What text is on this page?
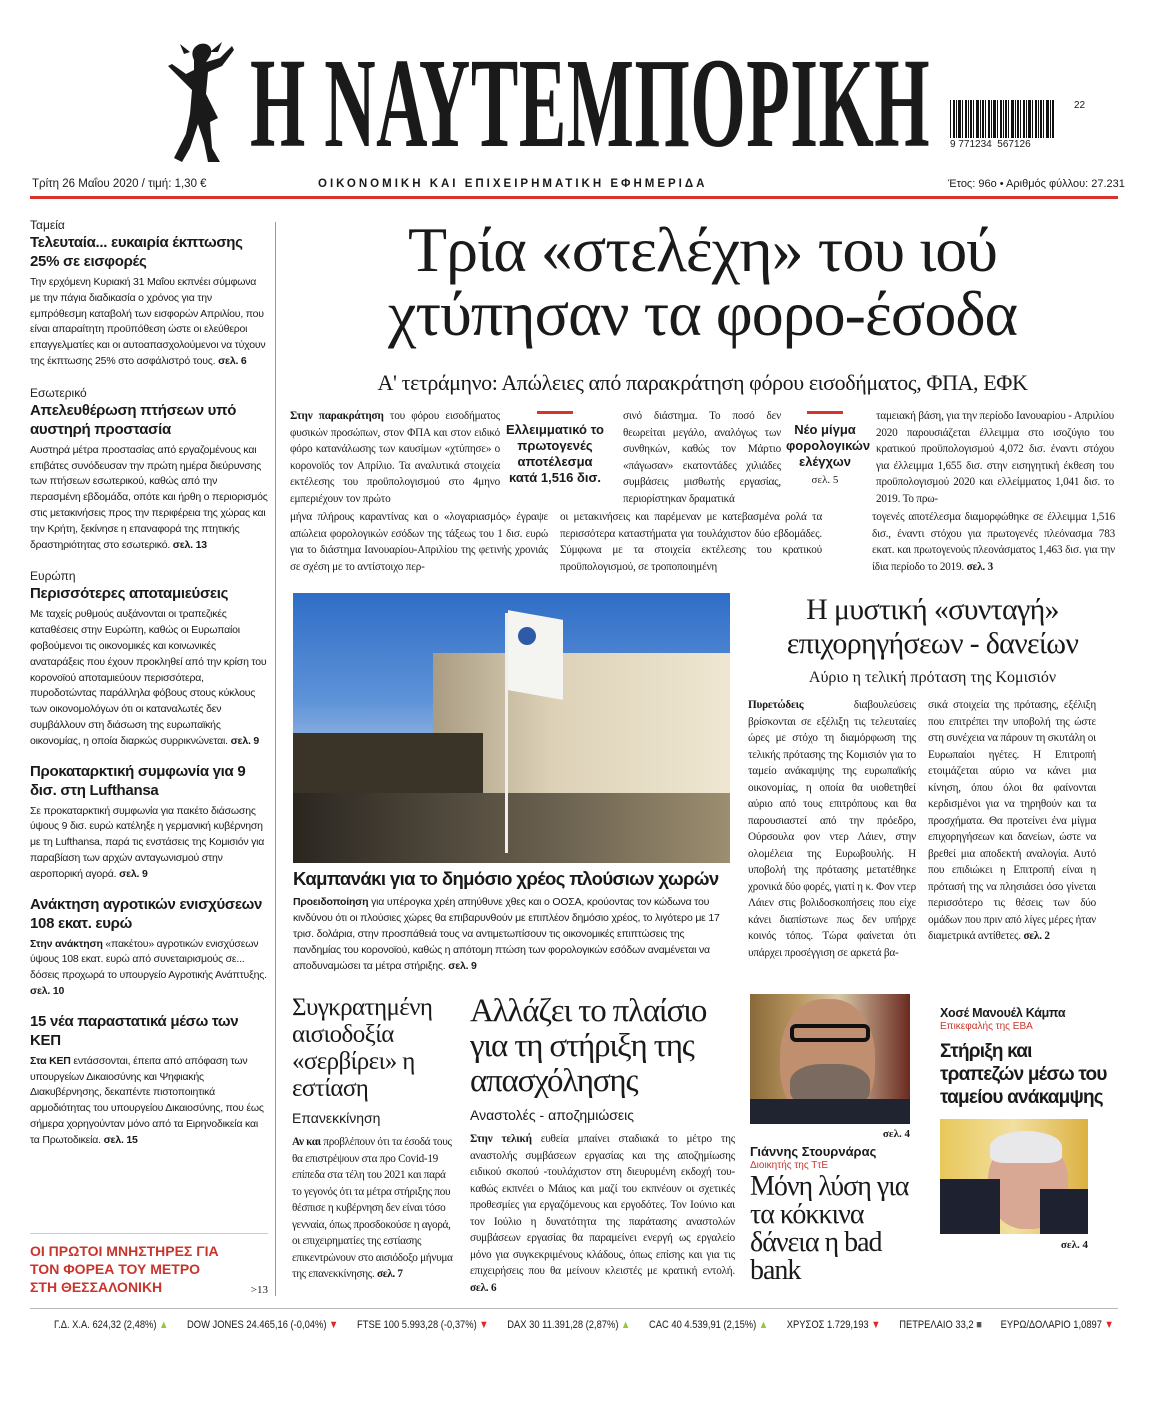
Η ΝΑΥΤΕΜΠΟΡΙΚΗ 9 771234 567126
22
Τρίτη 26 Μαΐου 2020 / τιμή: 1,30 €	ΟΙΚΟΝΟΜΙΚΗ ΚΑΙ ΕΠΙΧΕΙΡΗΜΑΤΙΚΗ ΕΦΗΜΕΡΙΔΑ	Έτος: 96ο • Αριθμός φύλλου: 27.231
Ταμεία
Τελευταία... ευκαιρία έκπτωσης 25% σε εισφορές
Την ερχόμενη Κυριακή 31 Μαΐου εκπνέει σύμφωνα με την πάγια διαδικασία ο χρόνος για την εμπρόθεσμη καταβολή των εισφορών Απριλίου, που είναι απαραίτητη προϋπόθεση ώστε οι ελεύθεροι επαγγελματίες και οι αυτοαπασχολούμενοι να τύχουν της έκπτωσης 25% στο ασφάλιστρό τους. σελ. 6
Εσωτερικό
Απελευθέρωση πτήσεων υπό αυστηρή προστασία
Αυστηρά μέτρα προστασίας από εργαζομένους και επιβάτες συνόδευσαν την πρώτη ημέρα διεύρυνσης των πτήσεων εσωτερικού, καθώς από την περασμένη εβδομάδα, οπότε και ήρθη ο περιορισμός στις μετακινήσεις προς την περιφέρεια της χώρας και την Κρήτη, ξεκίνησε η επαναφορά της πτητικής δραστηριότητας στο εσωτερικό. σελ. 13
Ευρώπη
Περισσότερες αποταμιεύσεις
Με ταχείς ρυθμούς αυξάνονται οι τραπεζικές καταθέσεις στην Ευρώπη, καθώς οι Ευρωπαίοι φοβούμενοι τις οικονομικές και κοινωνικές αναταράξεις που έχουν προκληθεί από την κρίση του κορονοϊού αποταμιεύουν περισσότερα, πυροδοτώντας παράλληλα φόβους στους κύκλους των οικονομολόγων ότι οι καταναλωτές δεν συμβάλλουν στη διάσωση της ευρωπαϊκής οικονομίας, η οποία διαρκώς συρρικνώνεται. σελ. 9
Προκαταρκτική συμφωνία για 9 δισ. στη Lufthansa
Σε προκαταρκτική συμφωνία για πακέτο διάσωσης ύψους 9 δισ. ευρώ κατέληξε η γερμανική κυβέρνηση με τη Lufthansa, παρά τις ενστάσεις της Κομισιόν για παραβίαση των αρχών ανταγωνισμού στην αεροπορική αγορά. σελ. 9
Ανάκτηση αγροτικών ενισχύσεων 108 εκατ. ευρώ
Στην ανάκτηση «πακέτου» αγροτικών ενισχύσεων ύψους 108 εκατ. ευρώ από συνεταιρισμούς σε... δόσεις προχωρά το υπουργείο Αγροτικής Ανάπτυξης. σελ. 10
15 νέα παραστατικά μέσω των ΚΕΠ
Στα ΚΕΠ εντάσσονται, έπειτα από απόφαση των υπουργείων Δικαιοσύνης και Ψηφιακής Διακυβέρνησης, δεκαπέντε πιστοποιητικά αρμοδιότητας του υπουργείου Δικαιοσύνης, που έως σήμερα χορηγούνταν μόνο από τα Ειρηνοδικεία και τα Πρωτοδικεία. σελ. 15
ΟΙ ΠΡΩΤΟΙ ΜΝΗΣΤΗΡΕΣ ΓΙΑ ΤΟΝ ΦΟΡΕΑ ΤΟΥ ΜΕΤΡΟ ΣΤΗ ΘΕΣΣΑΛΟΝΙΚΗ	>13
Τρία «στελέχη» του ιού
χτύπησαν τα φορο-έσοδα
Α' τετράμηνο: Απώλειες από παρακράτηση φόρου εισοδήματος, ΦΠΑ, ΕΦΚ
Στην παρακράτηση του φόρου εισοδήματος φυσικών προσώπων, στον ΦΠΑ και στον ειδικό φόρο κατανάλωσης των καυσίμων «χτύπησε» ο κορονοϊός τον Απρίλιο. Τα αναλυτικά στοιχεία εκτέλεσης του προϋπολογισμού στο 4μηνο εμπεριέχουν τον πρώτο
Ελλειμματικό το πρωτογενές αποτέλεσμα κατά 1,516 δισ.
σινό διάστημα. Το ποσό δεν θεωρείται μεγάλο, αναλόγως των συνθηκών, καθώς τον Μάρτιο «πάγωσαν» εκατοντάδες χιλιάδες συμβάσεις μισθωτής εργασίας, περιορίστηκαν δραματικά
Νέο μίγμα φορολογικών ελέγχων
σελ. 5
ταμειακή βάση, για την περίοδο Ιανουαρίου - Απριλίου 2020 παρουσιάζεται έλλειμμα στο ισοζύγιο του κρατικού προϋπολογισμού 4,072 δισ. έναντι στόχου για έλλειμμα 1,655 δισ. στην εισηγητική έκθεση του προϋπολογισμού 2020 και ελλείμματος 1,041 δισ. το 2019. Το πρω-
μήνα πλήρους καραντίνας και ο «λογαριασμός» έγραψε απώλεια φορολογικών εσόδων της τάξεως του 1 δισ. ευρώ για το διάστημα Ιανουαρίου-Απριλίου της φετινής χρονιάς σε σχέση με το αντίστοιχο περ-
οι μετακινήσεις και παρέμεναν με κατεβασμένα ρολά τα περισσότερα καταστήματα για τουλάχιστον δύο εβδομάδες. Σύμφωνα με τα στοιχεία εκτέλεσης του κρατικού προϋπολογισμού, σε τροποποιημένη
τογενές αποτέλεσμα διαμορφώθηκε σε έλλειμμα 1,516 δισ., έναντι στόχου για πρωτογενές πλεόνασμα 783 εκατ. και πρωτογενούς πλεονάσματος 1,463 δισ. για την ίδια περίοδο το 2019. σελ. 3
Καμπανάκι για το δημόσιο χρέος πλούσιων χωρών
Προειδοποίηση για υπέρογκα χρέη απηύθυνε χθες και ο ΟΟΣΑ, κρούοντας τον κώδωνα του κινδύνου ότι οι πλούσιες χώρες θα επιβαρυνθούν με επιπλέον δημόσιο χρέος, το λιγότερο με 17 τρισ. δολάρια, στην προσπάθειά τους να αντιμετωπίσουν τις οικονομικές επιπτώσεις της πανδημίας του κορονοϊού, καθώς η απότομη πτώση των φορολογικών εσόδων αναμένεται να αποδυναμώσει τα μέτρα στήριξης. σελ. 9
Η μυστική «συνταγή»
επιχορηγήσεων - δανείων
Αύριο η τελική πρόταση της Κομισιόν
Πυρετώδεις διαβουλεύσεις βρίσκονται σε εξέλιξη τις τελευταίες ώρες με στόχο τη διαμόρφωση της τελικής πρότασης της Κομισιόν για το ταμείο ανάκαμψης της ευρωπαϊκής οικονομίας, η οποία θα υιοθετηθεί αύριο από τους επιτρόπους και θα παρουσιαστεί από την πρόεδρο, Ούρσουλα φον ντερ Λάιεν, στην ολομέλεια της Ευρωβουλής. Η υποβολή της πρότασης μετατέθηκε χρονικά δύο φορές, γιατί η κ. Φον ντερ Λάιεν στις βολιδοσκοπήσεις που είχε κάνει διαπίστωνε πως δεν υπήρχε κοινός τόπος. Τώρα φαίνεται ότι υπάρχει προσέγγιση σε αρκετά βα-
σικά στοιχεία της πρότασης, εξέλιξη που επιτρέπει την υποβολή της ώστε στη συνέχεια να πάρουν τη σκυτάλη οι Ευρωπαίοι ηγέτες. Η Επιτροπή ετοιμάζεται αύριο να κάνει μια κίνηση, όπου όλοι θα φαίνονται κερδισμένοι για να τηρηθούν και τα προσχήματα. Θα προτείνει ένα μίγμα επιχορηγήσεων και δανείων, ώστε να βρεθεί μια αποδεκτή αναλογία. Αυτό που επιδιώκει η Επιτροπή είναι η πρότασή της να πλησιάσει όσο γίνεται περισσότερο τις θέσεις των δύο ομάδων που πριν από λίγες μέρες ήταν διαμετρικά αντίθετες. σελ. 2
Συγκρατημένη αισιοδοξία «σερβίρει» η εστίαση
Επανεκκίνηση
Αν και προβλέπουν ότι τα έσοδά τους θα επιστρέψουν στα προ Covid-19 επίπεδα στα τέλη του 2021 και παρά το γεγονός ότι τα μέτρα στήριξης που θέσπισε η κυβέρνηση δεν είναι τόσο γενναία, όπως προσδοκούσε η αγορά, οι επιχειρηματίες της εστίασης επικεντρώνουν στο αισιόδοξο μήνυμα της επανεκκίνησης. σελ. 7
Αλλάζει το πλαίσιο για τη στήριξη της απασχόλησης
Αναστολές - αποζημιώσεις
Στην τελική ευθεία μπαίνει σταδιακά το μέτρο της αναστολής συμβάσεων εργασίας και της αποζημίωσης ειδικού σκοπού -τουλάχιστον στη διευρυμένη εκδοχή του- καθώς εκπνέει ο Μάιος και μαζί του εκπνέουν οι σχετικές προθεσμίες για εργαζόμενους και εργοδότες. Τον Ιούνιο και τον Ιούλιο η δυνατότητα της παράτασης αναστολών συμβάσεων εργασίας θα παραμείνει ενεργή ως εργαλείο μόνο για συγκεκριμένους κλάδους, όπως επίσης και για τις επιχειρήσεις που θα μείνουν κλειστές με κρατική εντολή. σελ. 6
σελ. 4
Γιάννης Στουρνάρας
Διοικητής της ΤτΕ
Μόνη λύση για τα κόκκινα δάνεια η bad bank
Χοσέ Μανουέλ Κάμπα
Επικεφαλής της ΕΒΑ
Στήριξη και τραπεζών μέσω του ταμείου ανάκαμψης
σελ. 4
Γ.Δ. Χ.Α. 624,32 (2,48%) ▲ DOW JONES 24.465,16 (-0,04%) ▼ FTSE 100 5.993,28 (-0,37%) ▼ DAX 30 11.391,28 (2,87%) ▲ CAC 40 4.539,91 (2,15%) ▲ ΧΡΥΣΟΣ 1.729,193 ▼ ΠΕΤΡΕΛΑΙΟ 33,2 ■ ΕΥΡΩ/ΔΟΛΑΡΙΟ 1,0897 ▼
